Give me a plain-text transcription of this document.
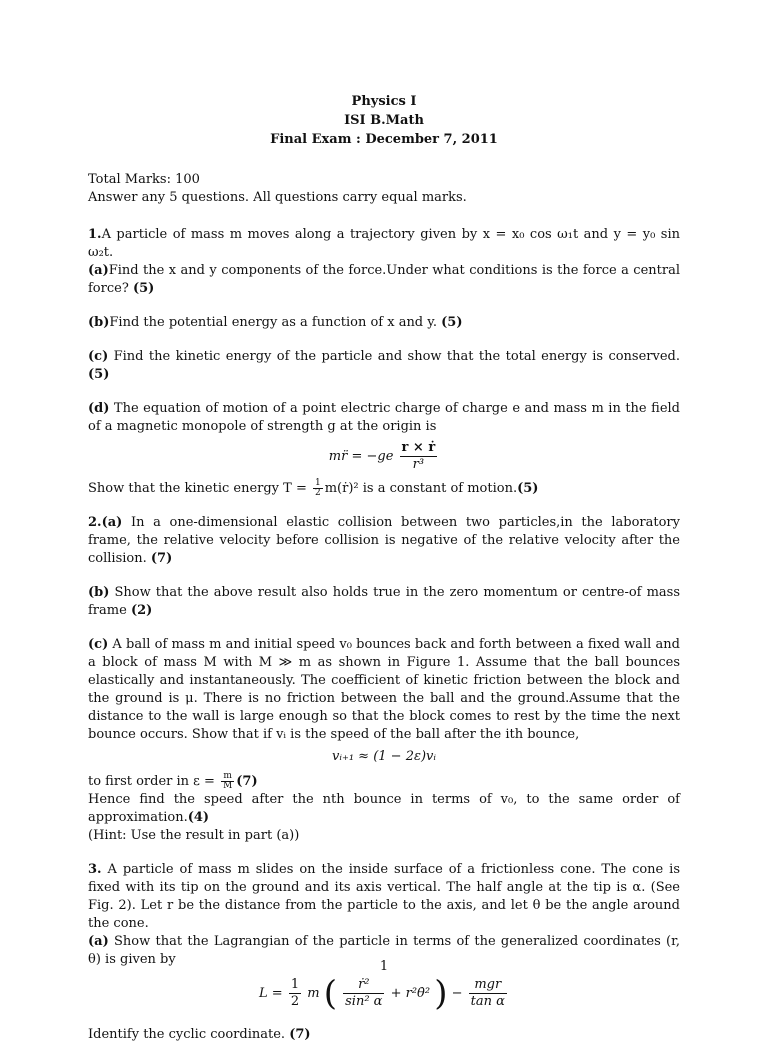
Physics I
ISI B.Math
Final Exam : December 7, 2011
Total Marks: 100
Answer any 5 questions. All questions carry equal marks.

1.A particle of mass m moves along a trajectory given by x = x₀ cos ω₁t and y = y₀ sin ω₂t.

(a)Find the x and y components of the force.Under what conditions is the force a central force? (5)

(b)Find the potential energy as a function of x and y. (5)

(c) Find the kinetic energy of the particle and show that the total energy is conserved. (5)

(d) The equation of motion of a point electric charge of charge e and mass m in the field of a magnetic monopole of strength g at the origin is

mr̈ = $-ge \frac{\text{r × ṙ}}{\text{r³}}$

Show that the kinetic energy $T = \frac{1}{2}$ m(ṙ)² is a constant of motion.(5)

2.(a) In a one-dimensional elastic collision between two particles,in the laboratory frame, the relative velocity before collision is negative of the relative velocity after the collision. (7)

(b) Show that the above result also holds true in the zero momentum or centre-of mass frame (2)

(c) A ball of mass m and initial speed v₀ bounces back and forth between a fixed wall and a block of mass M with M ≫ m as shown in Figure 1. Assume that the ball bounces elastically and instantaneously. The coefficient of kinetic friction between the block and the ground is μ. There is no friction between the ball and the ground.Assume that the distance to the wall is large enough so that the block comes to rest by the time the next bounce occurs. Show that if vᵢ is the speed of the ball after the ith bounce,

vᵢ₊₁ ≈ (1 − 2ε)vᵢ

to first order in $\varepsilon = \frac{m}{M} (7)$

Hence find the speed after the nth bounce in terms of v₀, to the same order of approximation.(4)

(Hint: Use the result in part (a))

3. A particle of mass m slides on the inside surface of a frictionless cone. The cone is fixed with its tip on the ground and its axis vertical. The half angle at the tip is α. (See Fig. 2). Let r be the distance from the particle to the axis, and let θ be the angle around the cone.

(a) Show that the Lagrangian of the particle in terms of the generalized coordinates (r, θ) is given by

$L = \frac{1}{2}$ m ( $\frac{\text{ṙ²}}{\text{sin² α}}$ + r²θ̇² ) − $\frac{\text{mgr}}{\text{tan α}}$

Identify the cyclic coordinate. (7)

1
